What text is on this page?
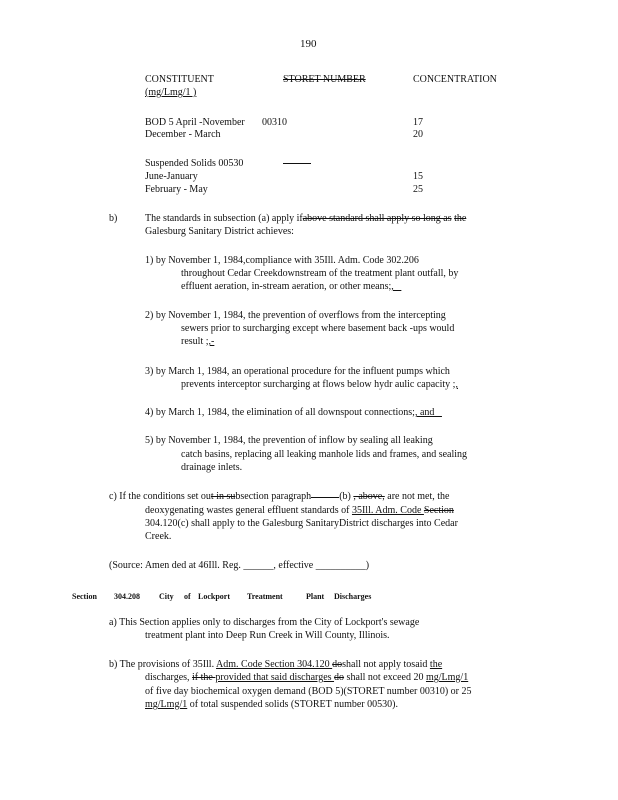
190
CONSTITUENT	STORET NUMBER	CONCENTRATION
(mg/Lmg/1 )
BOD 5 April -November 00310	17
December - March	20
Suspended Solids 00530
June-January	15
February - May	25
b)	The standards in subsection (a) apply ifabove standard shall apply so long as the
Galesburg Sanitary District achieves:
1) by November 1, 1984,compliance with 35Ill. Adm. Code 302.206
throughout Cedar Creekdownstream of the treatment plant outfall, by
effluent aeration, in-stream aeration, or other means;, _
2) by November 1, 1984, the prevention of overflows from the intercepting
sewers prior to surcharging except where basement back -ups would
result ;,-
3) by March 1, 1984, an operational procedure for the influent pumps which
prevents interceptor surcharging at flows below hydr aulic capacity ;,
4) by March 1, 1984, the elimination of all downspout connections;, and _
5) by November 1, 1984, the prevention of inflow by sealing all leaking
catch basins, replacing all leaking manhole lids and frames, and sealing
drainage inlets.
c) If the conditions set out in subsection paragraph	(b) , above, are not met, the
deoxygenating wastes general effluent standards of 35Ill. Adm. Code Section
304.120(c) shall apply to the Galesburg SanitaryDistrict discharges into Cedar
Creek.
(Source: Amen ded at 46Ill. Reg. ______, effective __________)
Section 304.208 City of Lockport Treatment	Plant Discharges
a) This Section applies only to discharges from the City of Lockport's sewage
treatment plant into Deep Run Creek in Will County, Illinois.
b) The provisions of 35Ill. Adm. Code Section 304.120 doshall not apply tosaid the
discharges, if the provided that said discharges do shall not exceed 20 mg/Lmg/1
of five day biochemical oxygen demand (BOD 5)(STORET number 00310) or 25
mg/Lmg/1 of total suspended solids (STORET number 00530).
